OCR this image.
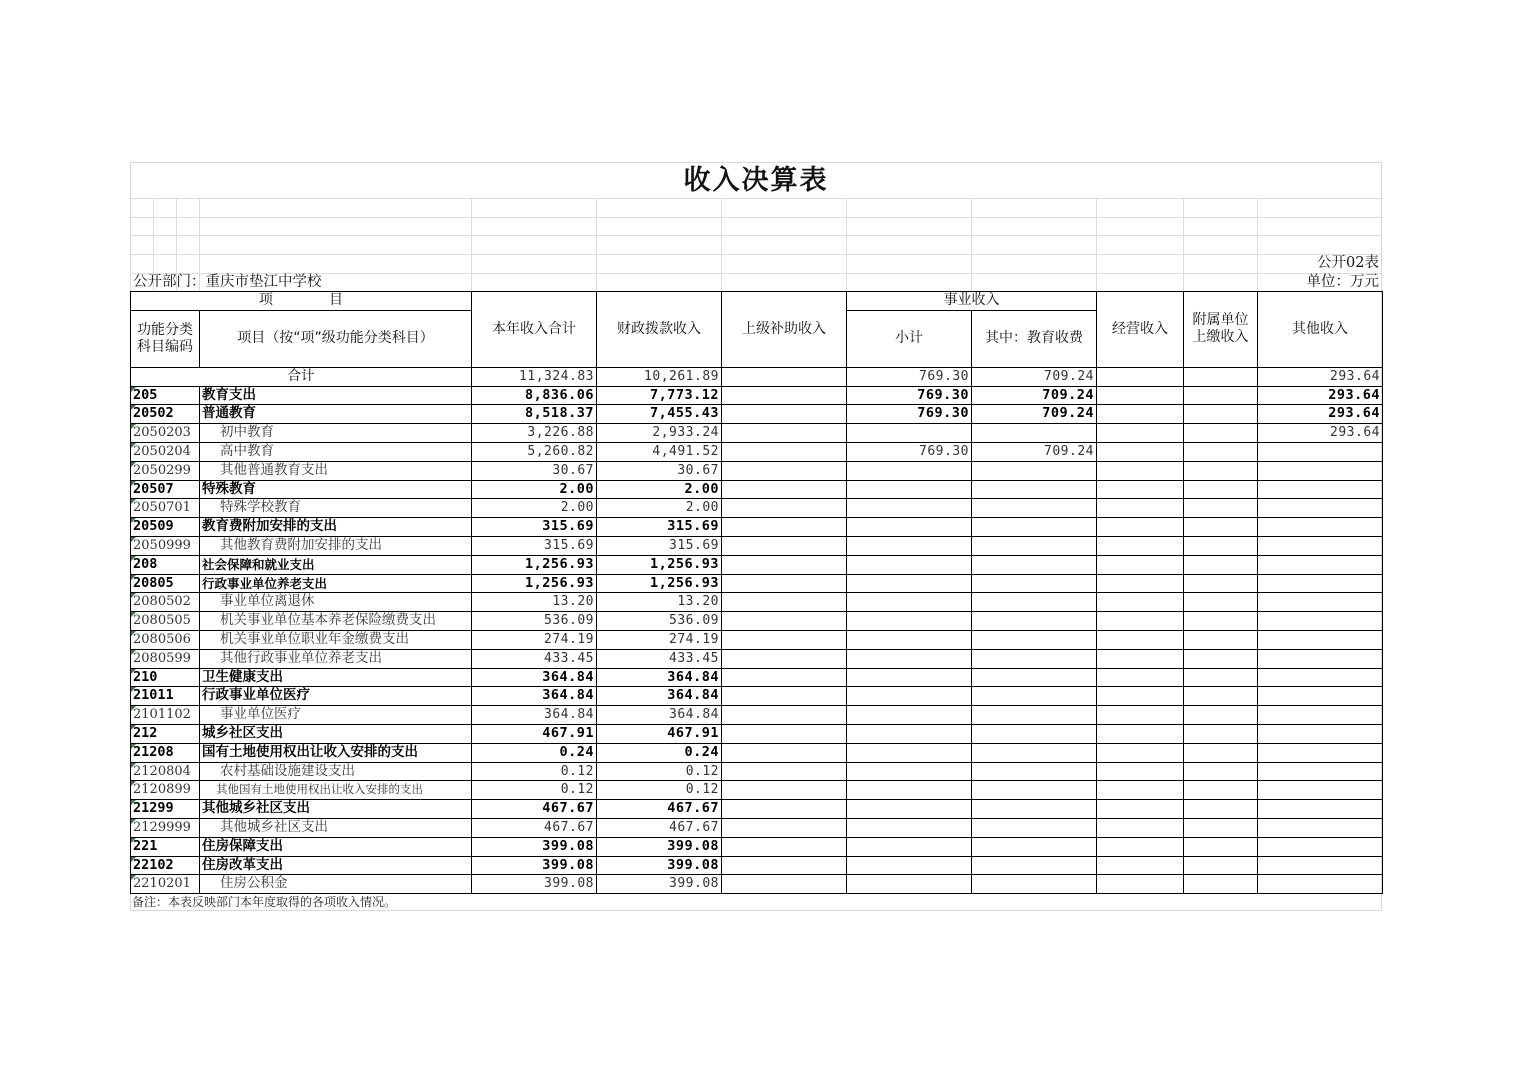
收入决算表
公开02表
公开部门：重庆市垫江中学校	单位：万元
项　　　　目		本年收入合计	财政拨款收入	上级补助收入	事业收入		经营收入	附属单位上缴收入	其他收入
功能分类科目编码	项目（按“项”级功能分类科目）				小计	其中：教育收费			
合计		11,324.83	10,261.89		769.30	709.24			293.64
205	教育支出	8,836.06	7,773.12		769.30	709.24			293.64
20502	普通教育	8,518.37	7,455.43		769.30	709.24			293.64
2050203	初中教育	3,226.88	2,933.24						293.64
2050204	高中教育	5,260.82	4,491.52		769.30	709.24			
2050299	其他普通教育支出	30.67	30.67						
20507	特殊教育	2.00	2.00						
2050701	特殊学校教育	2.00	2.00						
20509	教育费附加安排的支出	315.69	315.69						
2050999	其他教育费附加安排的支出	315.69	315.69						
208	社会保障和就业支出	1,256.93	1,256.93						
20805	行政事业单位养老支出	1,256.93	1,256.93						
2080502	事业单位离退休	13.20	13.20						
2080505	机关事业单位基本养老保险缴费支出	536.09	536.09						
2080506	机关事业单位职业年金缴费支出	274.19	274.19						
2080599	其他行政事业单位养老支出	433.45	433.45						
210	卫生健康支出	364.84	364.84						
21011	行政事业单位医疗	364.84	364.84						
2101102	事业单位医疗	364.84	364.84						
212	城乡社区支出	467.91	467.91						
21208	国有土地使用权出让收入安排的支出	0.24	0.24						
2120804	农村基础设施建设支出	0.12	0.12						
2120899	其他国有土地使用权出让收入安排的支出	0.12	0.12						
21299	其他城乡社区支出	467.67	467.67						
2129999	其他城乡社区支出	467.67	467.67						
221	住房保障支出	399.08	399.08						
22102	住房改革支出	399.08	399.08						
2210201	住房公积金	399.08	399.08						
备注：本表反映部门本年度取得的各项收入情况。
